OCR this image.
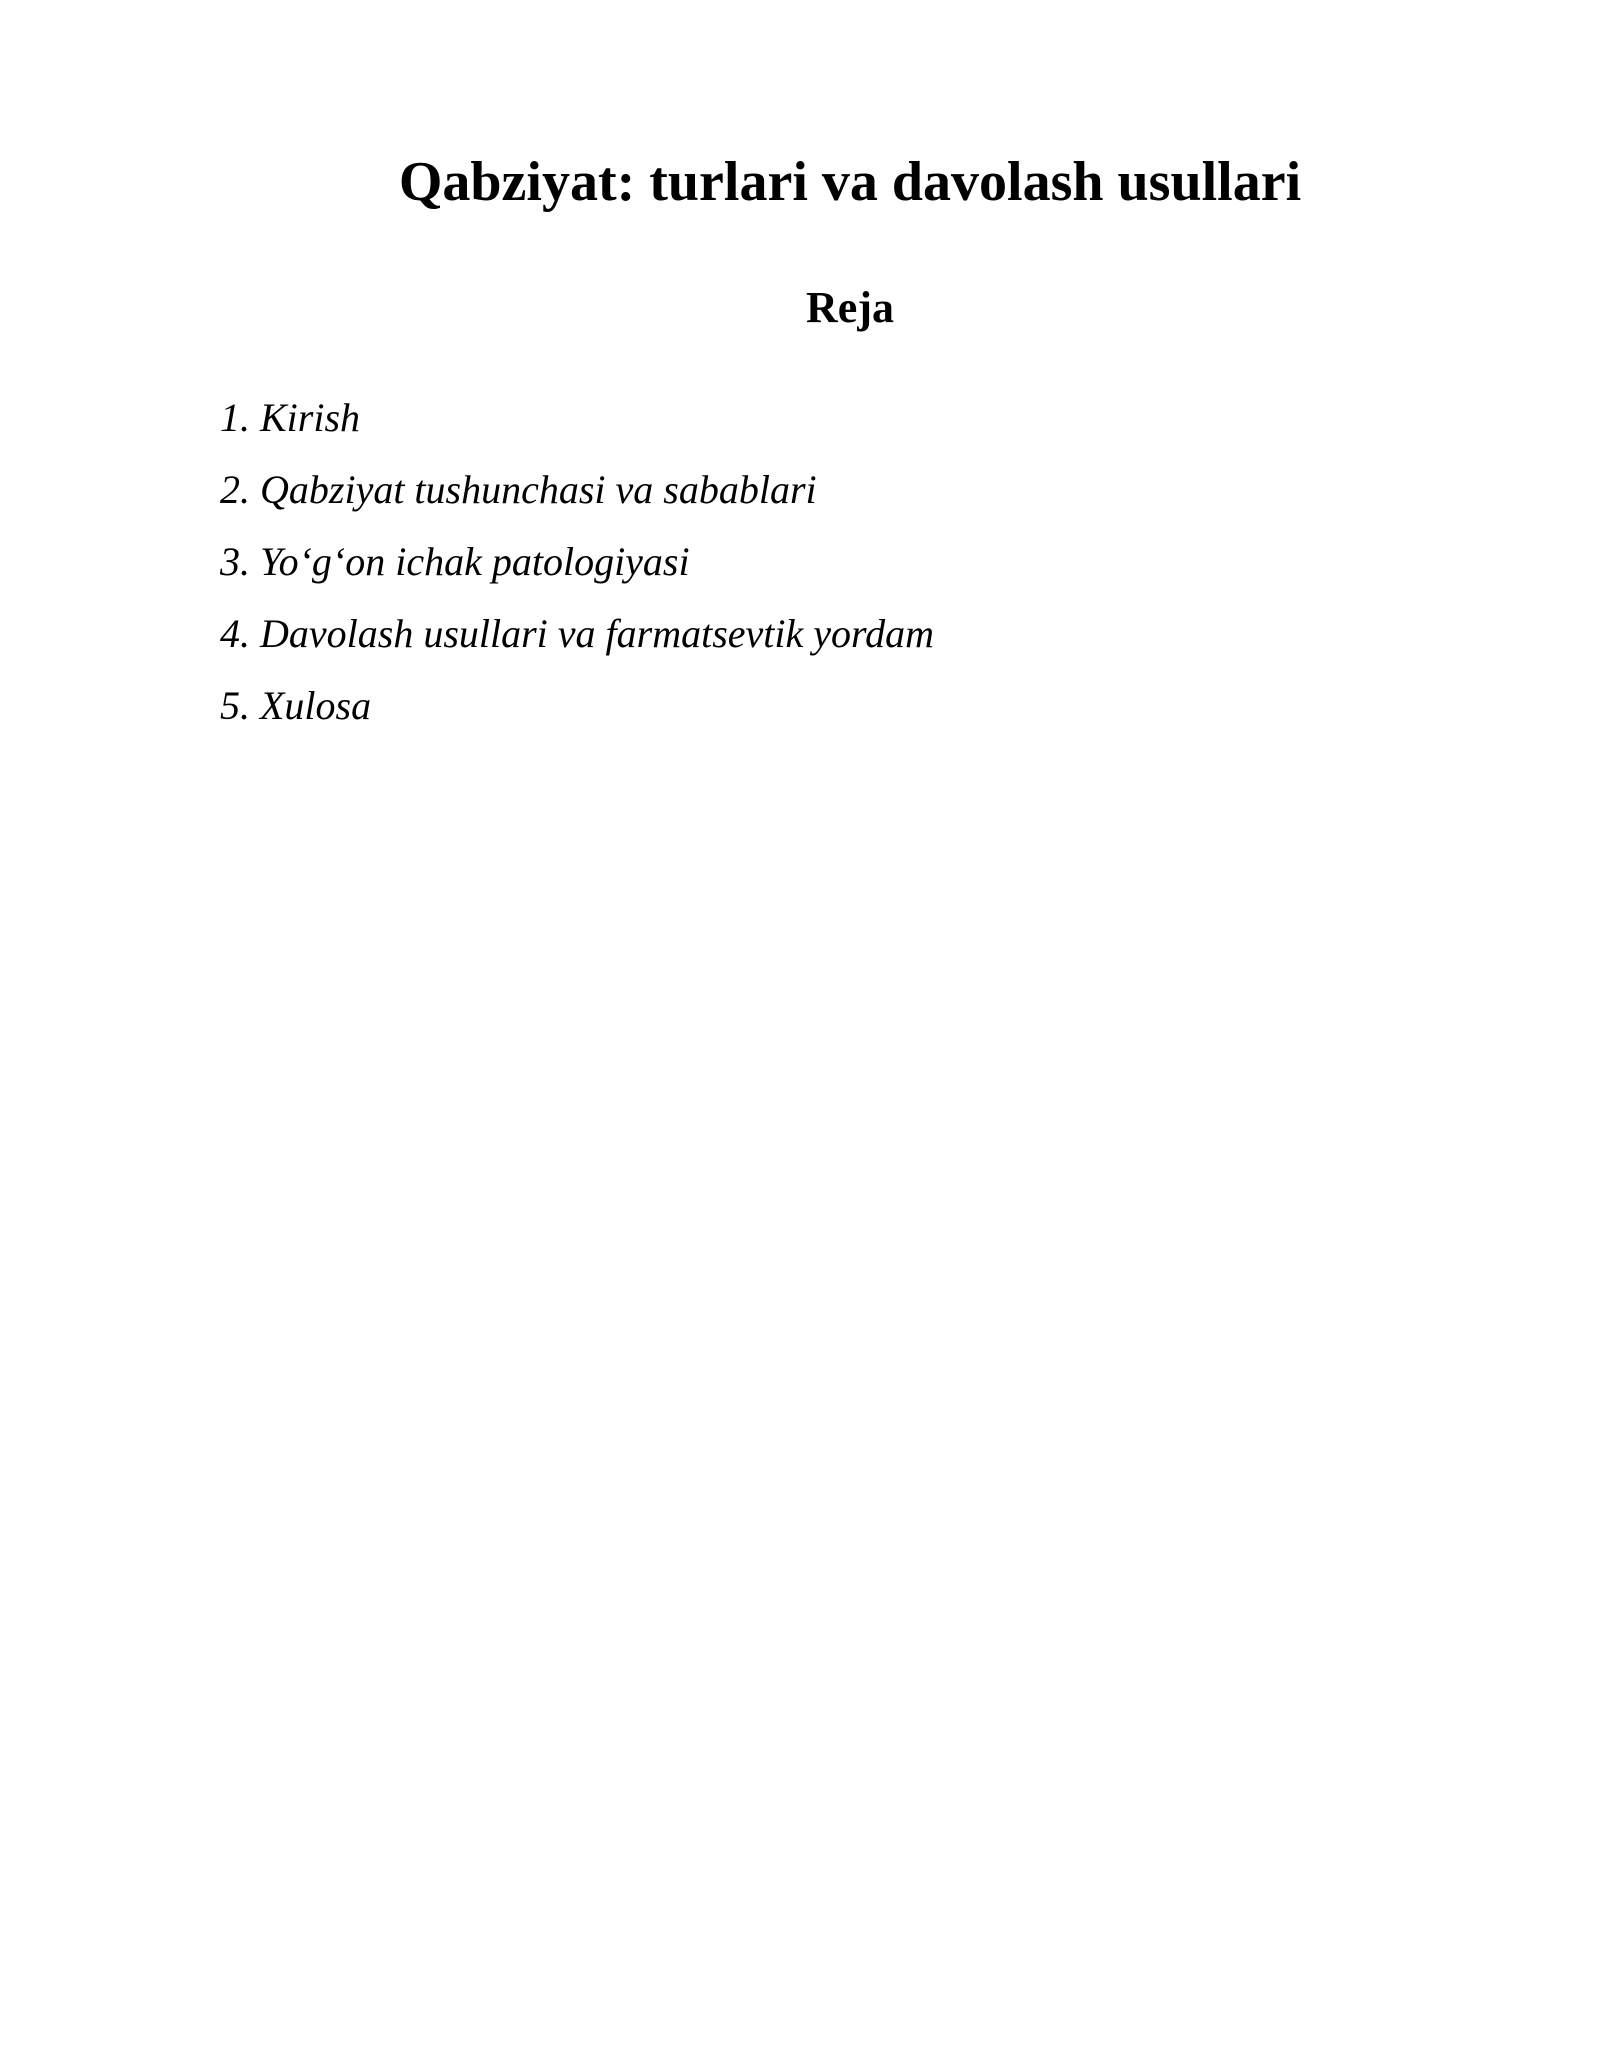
Qabziyat: turlari va davolash usullari
Reja
1. Kirish
2. Qabziyat tushunchasi va sabablari
3. Yo‘g‘on ichak patologiyasi
4. Davolash usullari va farmatsevtik yordam
5. Xulosa
